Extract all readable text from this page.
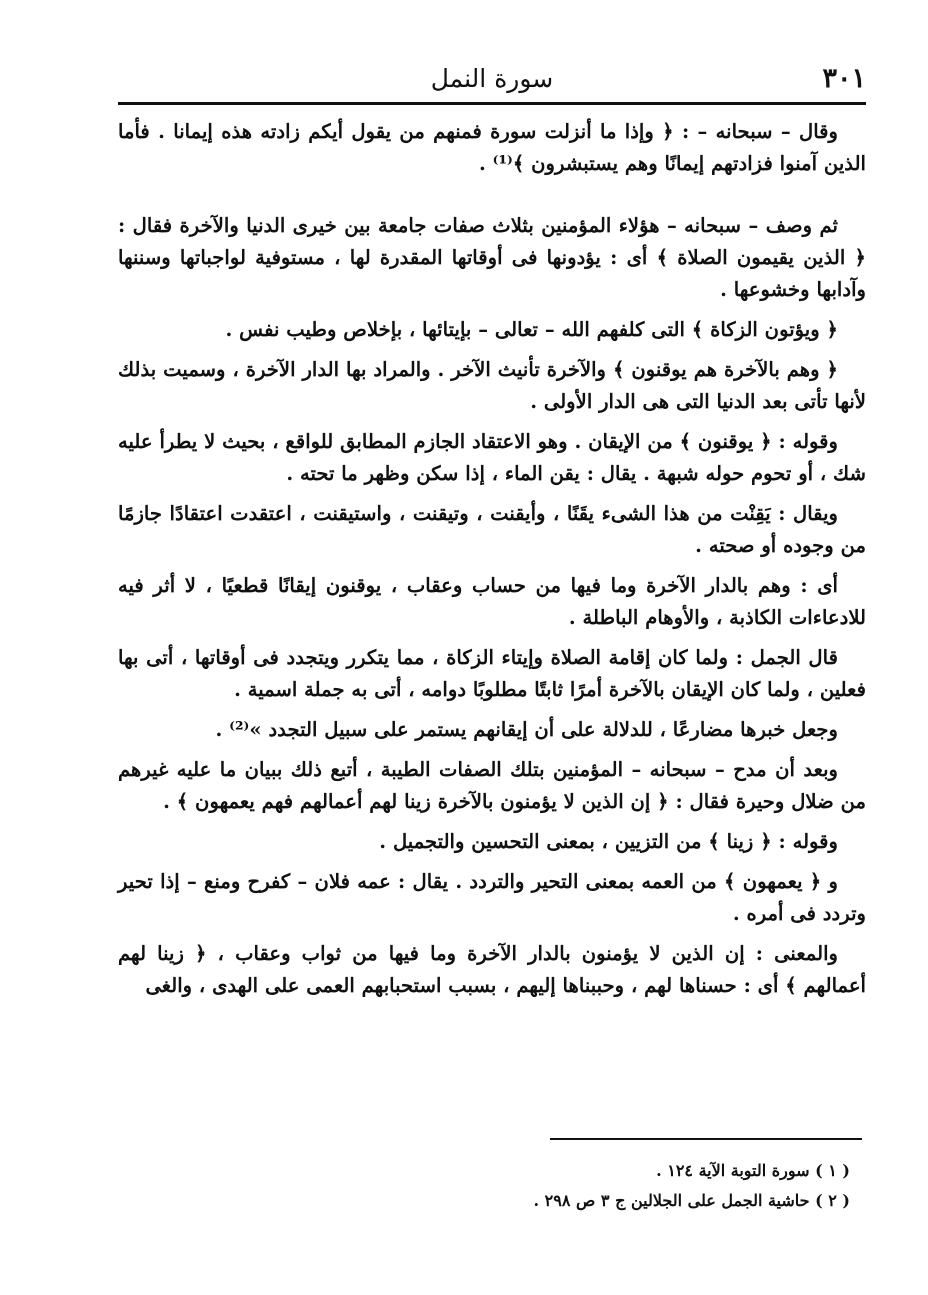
٣٠١
سورة النمل

وقال – سبحانه – : ﴿ وإذا ما أنزلت سورة فمنهم من يقول أيكم زادته هذه إيمانا . فأما الذين آمنوا فزادتهم إيمانًا وهم يستبشرون ﴾⁽¹⁾ .

ثم وصف – سبحانه – هؤلاء المؤمنين بثلاث صفات جامعة بين خيرى الدنيا والآخرة فقال : ﴿ الذين يقيمون الصلاة ﴾ أى : يؤدونها فى أوقاتها المقدرة لها ، مستوفية لواجباتها وسننها وآدابها وخشوعها .

﴿ ويؤتون الزكاة ﴾ التى كلفهم الله – تعالى – بإيتائها ، بإخلاص وطيب نفس .

﴿ وهم بالآخرة هم يوقنون ﴾ والآخرة تأنيث الآخر . والمراد بها الدار الآخرة ، وسميت بذلك لأنها تأتى بعد الدنيا التى هى الدار الأولى .

وقوله : ﴿ يوقنون ﴾ من الإيقان . وهو الاعتقاد الجازم المطابق للواقع ، بحيث لا يطرأ عليه شك ، أو تحوم حوله شبهة . يقال : يقن الماء ، إذا سكن وظهر ما تحته .

ويقال : يَقِنْت من هذا الشىء يقَنًا ، وأيقنت ، وتيقنت ، واستيقنت ، اعتقدت اعتقادًا جازمًا من وجوده أو صحته .

أى : وهم بالدار الآخرة وما فيها من حساب وعقاب ، يوقنون إيقانًا قطعيًا ، لا أثر فيه للادعاءات الكاذبة ، والأوهام الباطلة .

قال الجمل : ولما كان إقامة الصلاة وإيتاء الزكاة ، مما يتكرر ويتجدد فى أوقاتها ، أتى بها فعلين ، ولما كان الإيقان بالآخرة أمرًا ثابتًا مطلوبًا دوامه ، أتى به جملة اسمية .

وجعل خبرها مضارعًا ، للدلالة على أن إيقانهم يستمر على سبيل التجدد »⁽²⁾ .

وبعد أن مدح – سبحانه – المؤمنين بتلك الصفات الطيبة ، أتبع ذلك ببيان ما عليه غيرهم من ضلال وحيرة فقال : ﴿ إن الذين لا يؤمنون بالآخرة زينا لهم أعمالهم فهم يعمهون ﴾ .

وقوله : ﴿ زينا ﴾ من التزيين ، بمعنى التحسين والتجميل .

و ﴿ يعمهون ﴾ من العمه بمعنى التحير والتردد . يقال : عمه فلان – كفرح ومنع – إذا تحير وتردد فى أمره .

والمعنى : إن الذين لا يؤمنون بالدار الآخرة وما فيها من ثواب وعقاب ، ﴿ زينا لهم أعمالهم ﴾ أى : حسناها لهم ، وحببناها إليهم ، بسبب استحبابهم العمى على الهدى ، والغى

( ١ ) سورة التوبة الآية ١٢٤ .

( ٢ ) حاشية الجمل على الجلالين ج ٣ ص ٢٩٨ .
